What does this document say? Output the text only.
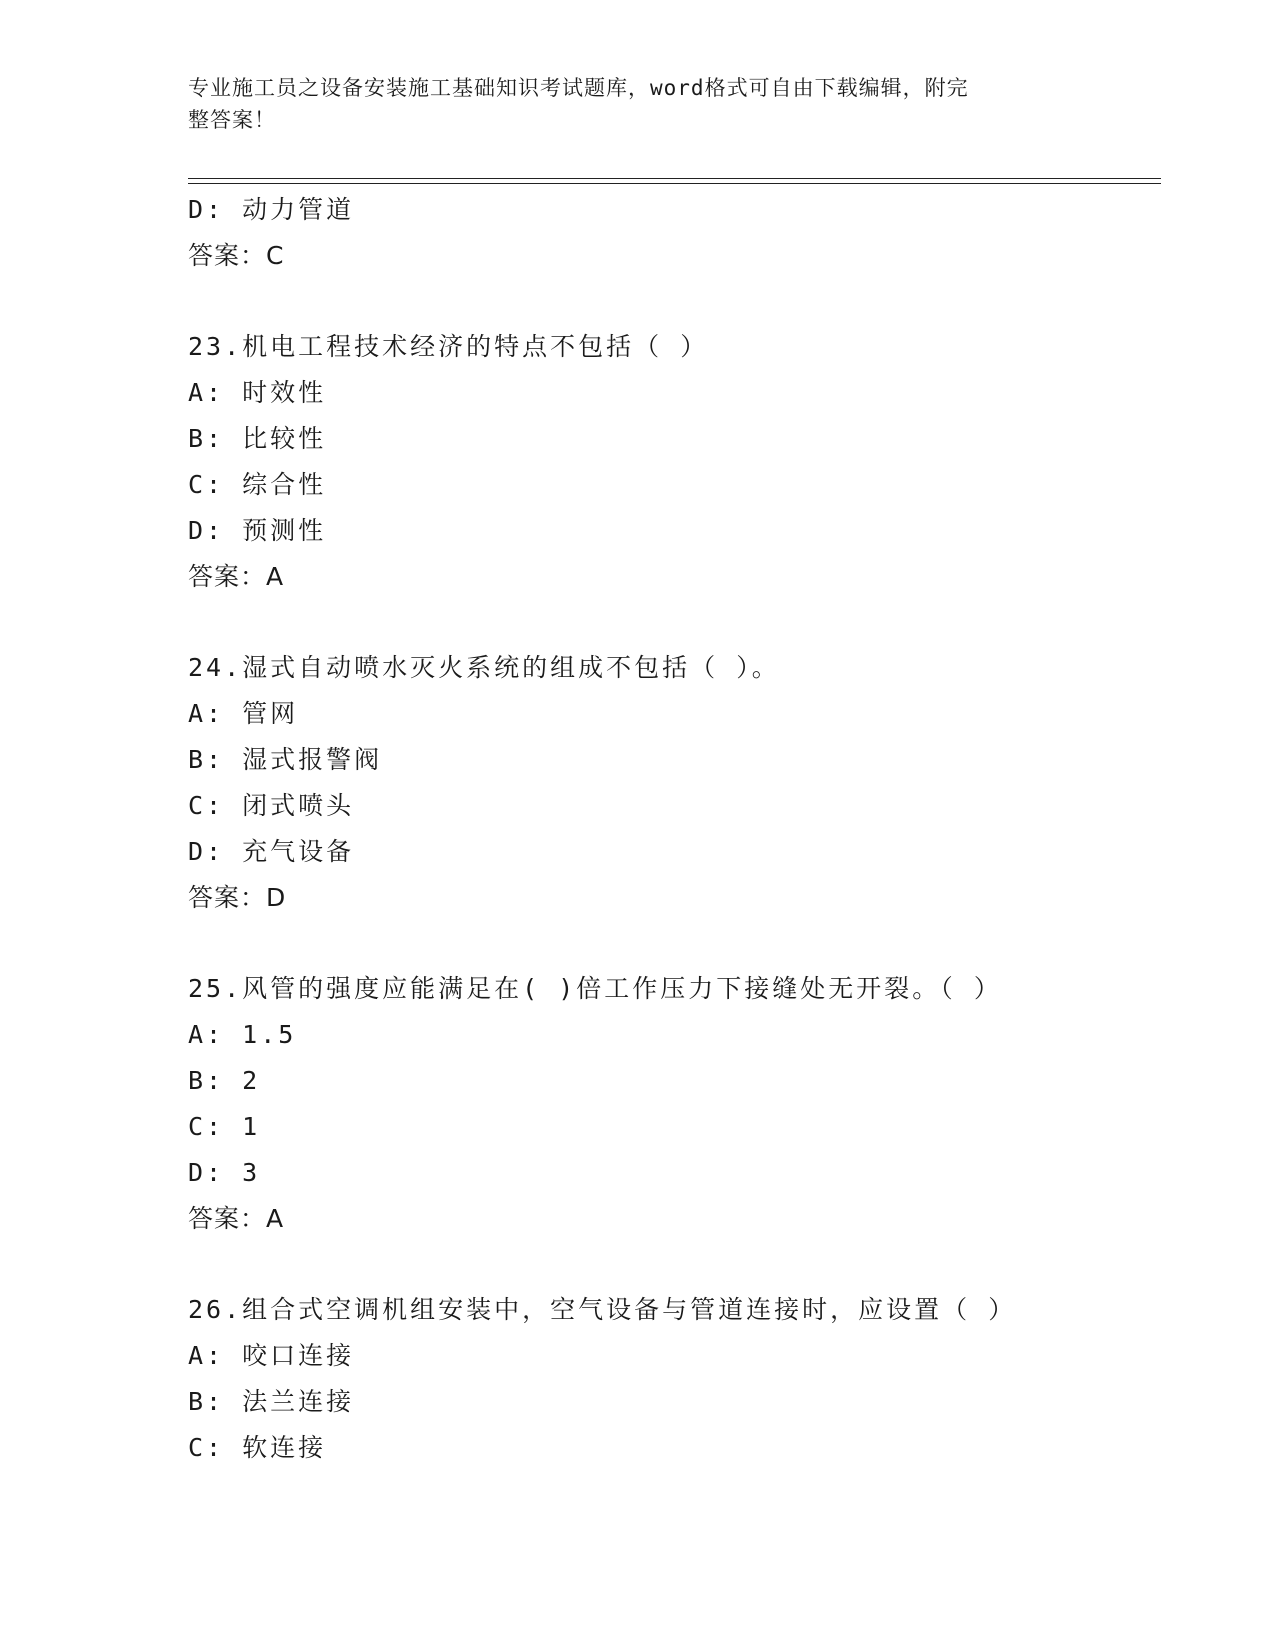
专业施工员之设备安装施工基础知识考试题库，word格式可自由下载编辑，附完
整答案！
D: 动力管道
答案：C
23.机电工程技术经济的特点不包括（ ）
A: 时效性
B: 比较性
C: 综合性
D: 预测性
答案：A
24.湿式自动喷水灭火系统的组成不包括（ ）。
A: 管网
B: 湿式报警阀
C: 闭式喷头
D: 充气设备
答案：D
25.风管的强度应能满足在( )倍工作压力下接缝处无开裂。（ ）
A: 1.5
B: 2
C: 1
D: 3
答案：A
26.组合式空调机组安装中，空气设备与管道连接时，应设置（ ）
A: 咬口连接
B: 法兰连接
C: 软连接
